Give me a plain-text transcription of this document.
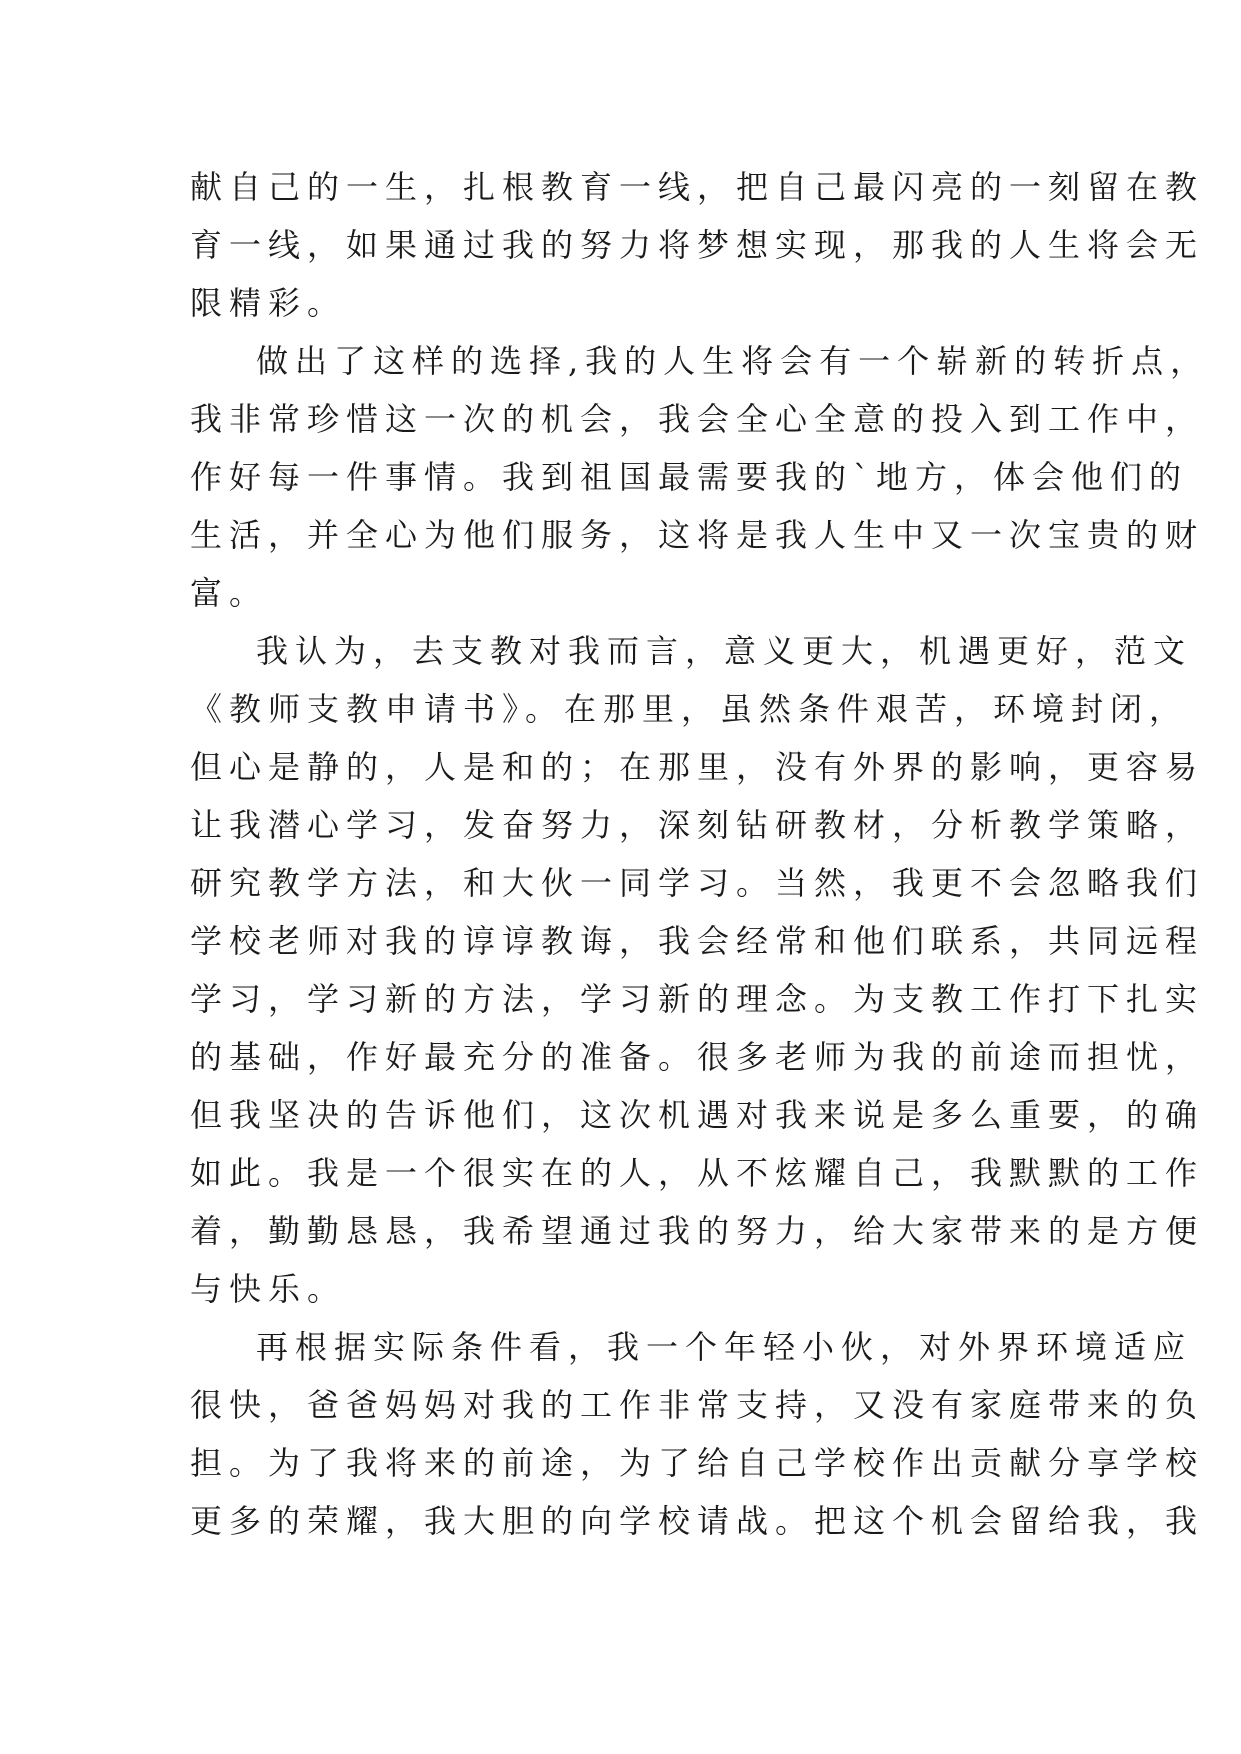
献自己的一生，扎根教育一线，把自己最闪亮的一刻留在教
育一线，如果通过我的努力将梦想实现，那我的人生将会无
限精彩。
做出了这样的选择,我的人生将会有一个崭新的转折点，
我非常珍惜这一次的机会，我会全心全意的投入到工作中，
作好每一件事情。我到祖国最需要我的`地方，体会他们的
生活，并全心为他们服务，这将是我人生中又一次宝贵的财
富。
我认为，去支教对我而言，意义更大，机遇更好，范文
《教师支教申请书》。在那里，虽然条件艰苦，环境封闭，
但心是静的，人是和的；在那里，没有外界的影响，更容易
让我潜心学习，发奋努力，深刻钻研教材，分析教学策略，
研究教学方法，和大伙一同学习。当然，我更不会忽略我们
学校老师对我的谆谆教诲，我会经常和他们联系，共同远程
学习，学习新的方法，学习新的理念。为支教工作打下扎实
的基础，作好最充分的准备。很多老师为我的前途而担忧，
但我坚决的告诉他们，这次机遇对我来说是多么重要，的确
如此。我是一个很实在的人，从不炫耀自己，我默默的工作
着，勤勤恳恳，我希望通过我的努力，给大家带来的是方便
与快乐。
再根据实际条件看，我一个年轻小伙，对外界环境适应
很快，爸爸妈妈对我的工作非常支持，又没有家庭带来的负
担。为了我将来的前途，为了给自己学校作出贡献分享学校
更多的荣耀，我大胆的向学校请战。把这个机会留给我，我
